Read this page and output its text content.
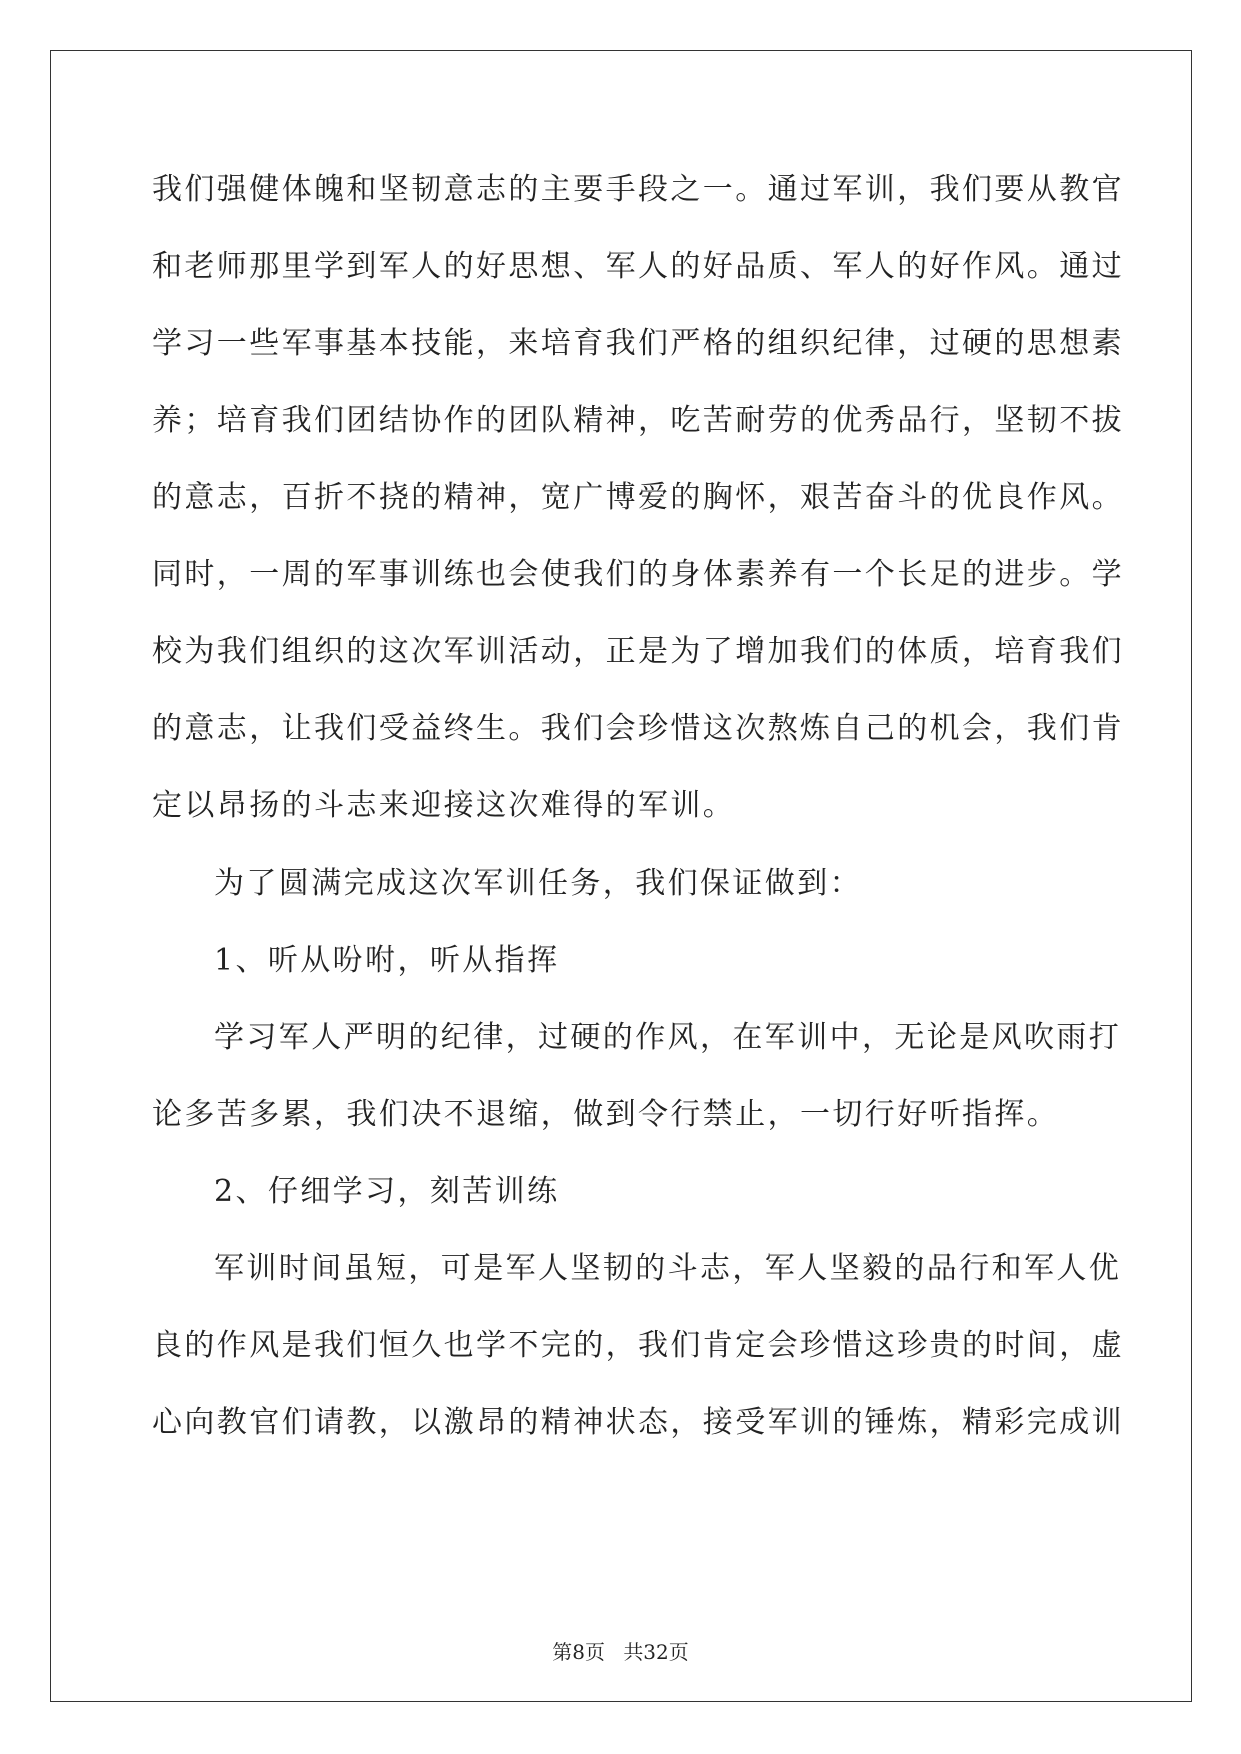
我们强健体魄和坚韧意志的主要手段之一。通过军训，我们要从教官
和老师那里学到军人的好思想、军人的好品质、军人的好作风。通过
学习一些军事基本技能，来培育我们严格的组织纪律，过硬的思想素
养；培育我们团结协作的团队精神，吃苦耐劳的优秀品行，坚韧不拔
的意志，百折不挠的精神，宽广博爱的胸怀，艰苦奋斗的优良作风。
同时，一周的军事训练也会使我们的身体素养有一个长足的进步。学
校为我们组织的这次军训活动，正是为了增加我们的体质，培育我们
的意志，让我们受益终生。我们会珍惜这次熬炼自己的机会，我们肯
定以昂扬的斗志来迎接这次难得的军训。
为了圆满完成这次军训任务，我们保证做到：
1、听从吩咐，听从指挥
学习军人严明的纪律，过硬的作风，在军训中，无论是风吹雨打
论多苦多累，我们决不退缩，做到令行禁止，一切行好听指挥。
2、仔细学习，刻苦训练
军训时间虽短，可是军人坚韧的斗志，军人坚毅的品行和军人优
良的作风是我们恒久也学不完的，我们肯定会珍惜这珍贵的时间，虚
心向教官们请教，以激昂的精神状态，接受军训的锤炼，精彩完成训
第8页 共32页
